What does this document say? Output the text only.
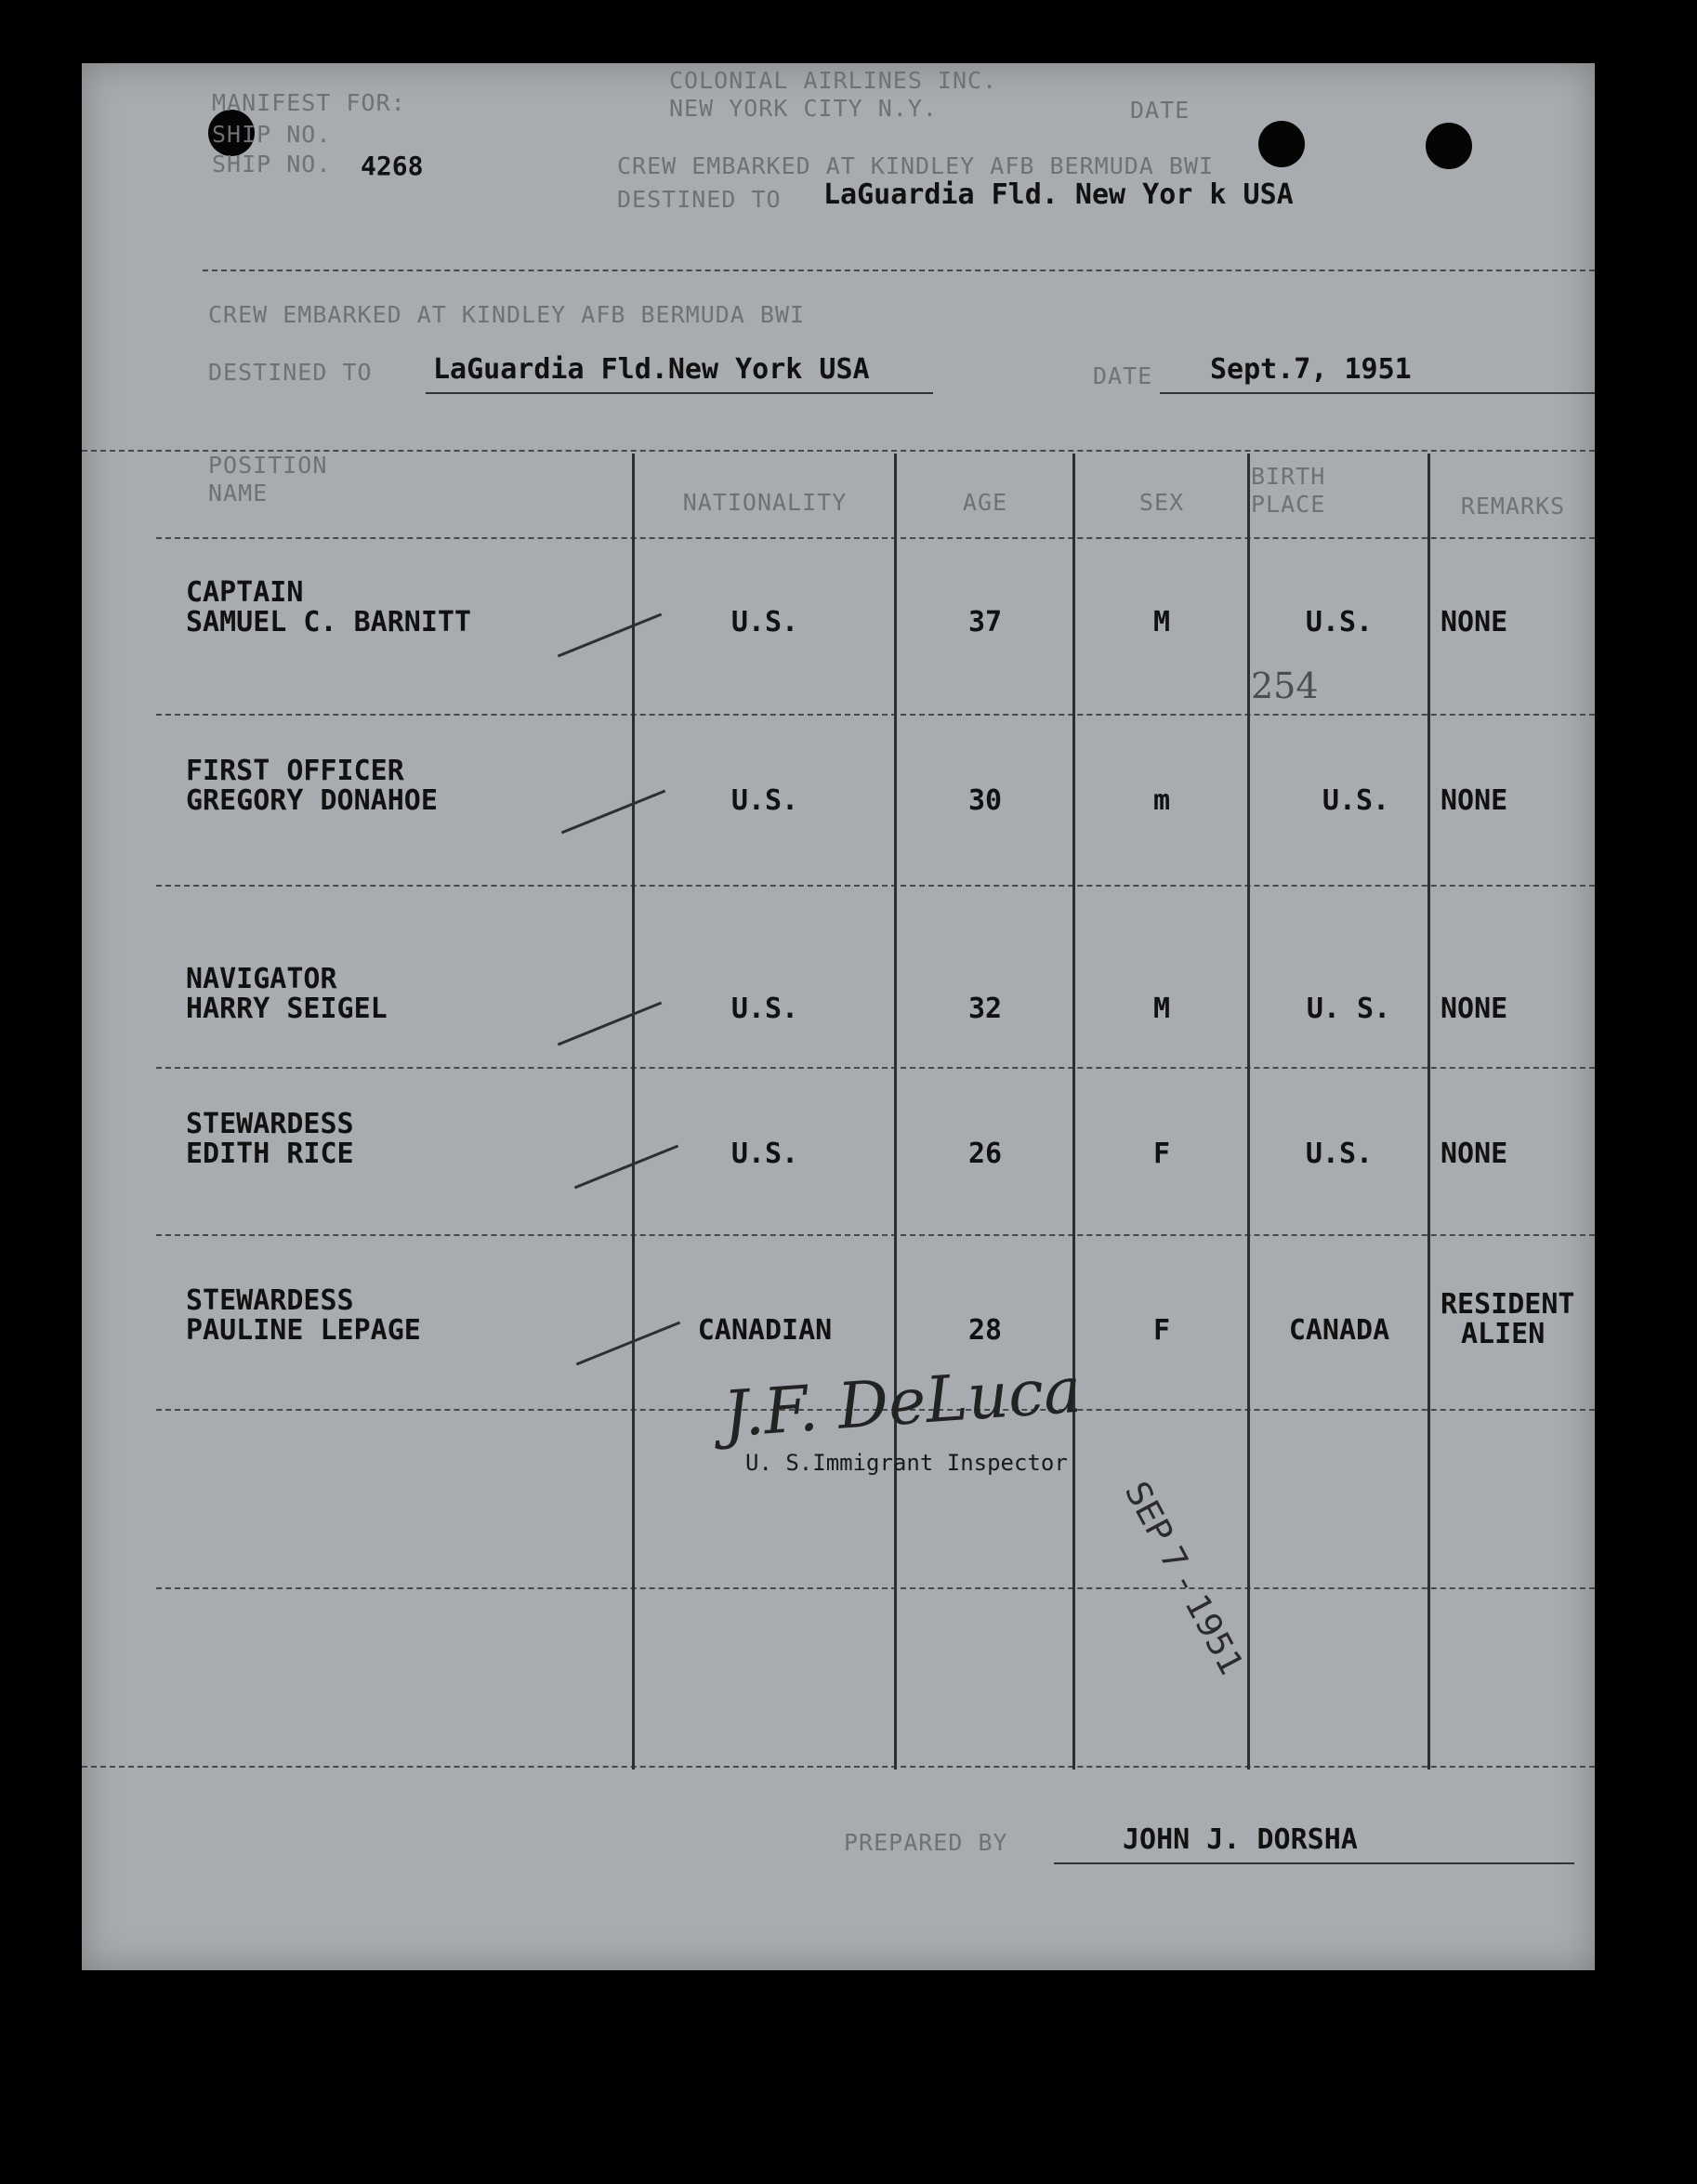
COLONIAL AIRLINES INC.
NEW YORK CITY N.Y.	DATE
MANIFEST FOR:
SHIP NO.
SHIP NO. 4268	CREW EMBARKED AT KINDLEY AFB BERMUDA BWI
DESTINED TO LaGuardia Fld. New Yor k USA
CREW EMBARKED AT KINDLEY AFB BERMUDA BWI
DESTINED TO LaGuardia Fld.New York USA	DATE Sept.7, 1951
POSITION
NAME	NATIONALITY	AGE	SEX
BIRTH
PLACE	REMARKS
CAPTAIN
SAMUEL C. BARNITT	U.S.	37	M	U.S.	NONE
254
FIRST OFFICER
GREGORY DONAHOE	U.S.	30	m	U.S.	NONE
NAVIGATOR
HARRY SEIGEL	U.S.	32	M	U. S.	NONE
STEWARDESS
EDITH RICE	U.S.	26	F	U.S.	NONE
STEWARDESS
PAULINE LEPAGE	CANADIAN	28	F	CANADA
RESIDENT
ALIEN
J.F. DeLuca
U. S.Immigrant Inspector
SEP 7 - 1951
PREPARED BY	JOHN J. DORSHA
